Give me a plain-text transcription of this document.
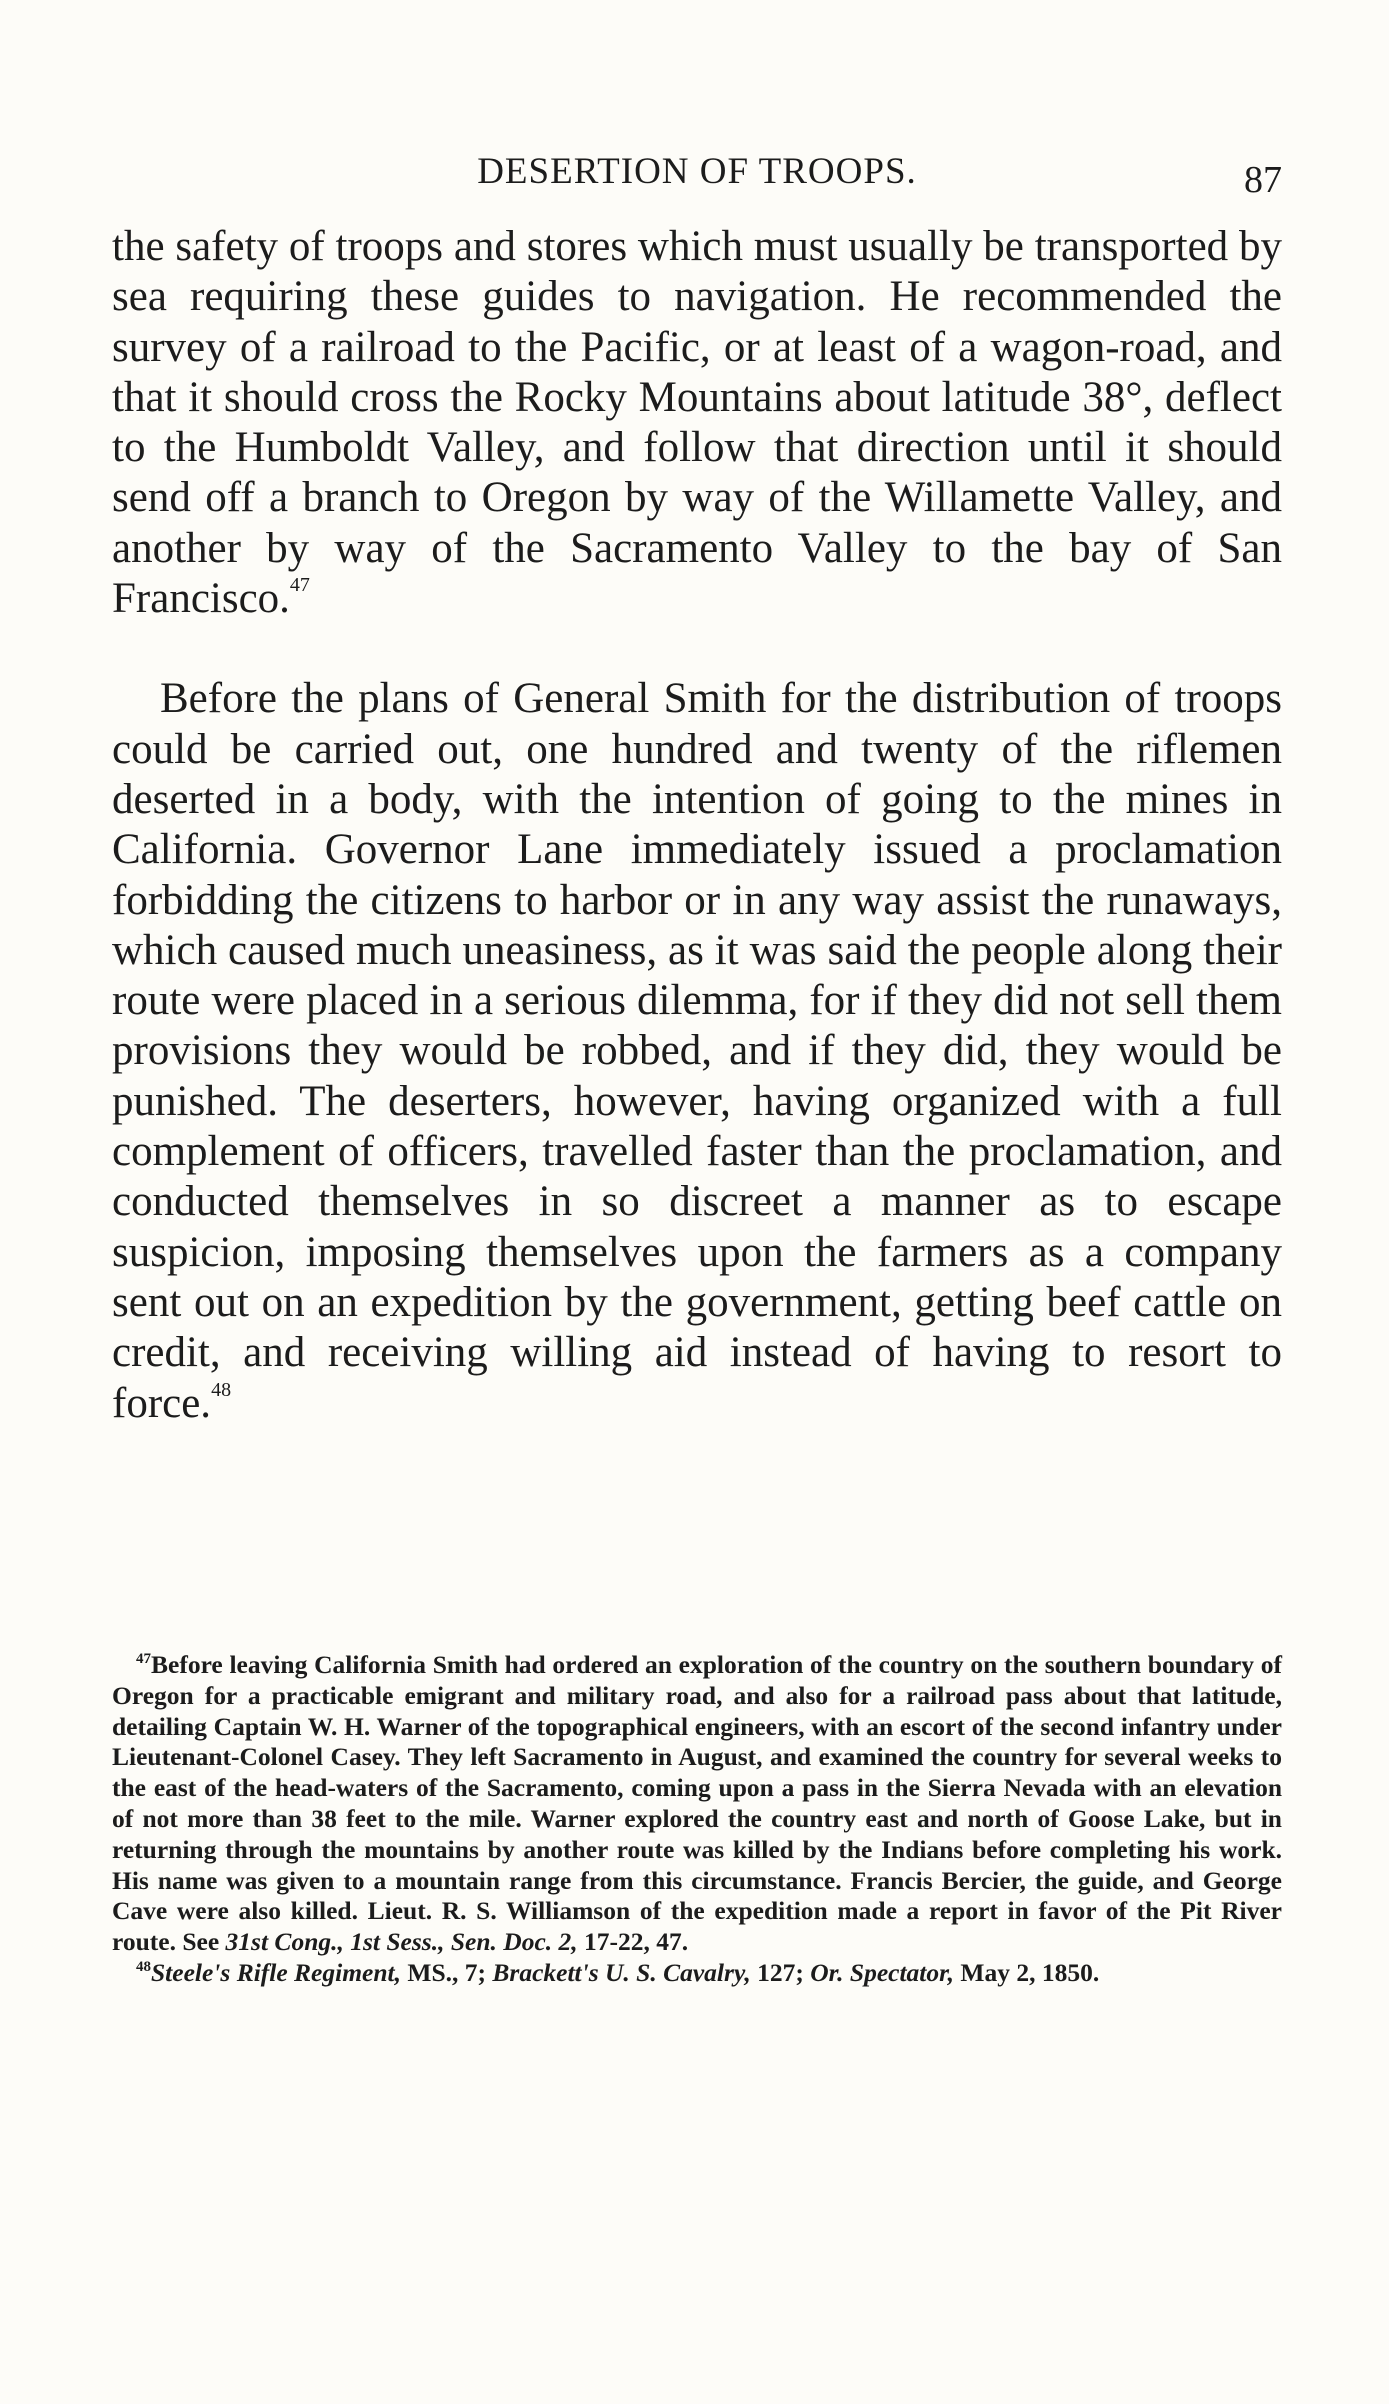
DESERTION OF TROOPS.	87

the safety of troops and stores which must usually be transported by sea requiring these guides to navigation. He recommended the survey of a railroad to the Pacific, or at least of a wagon-road, and that it should cross the Rocky Mountains about latitude 38°, deflect to the Humboldt Valley, and follow that direction until it should send off a branch to Oregon by way of the Willamette Valley, and another by way of the Sacramento Valley to the bay of San Francisco.$^{47}$

Before the plans of General Smith for the distribution of troops could be carried out, one hundred and twenty of the riflemen deserted in a body, with the intention of going to the mines in California. Governor Lane immediately issued a proclamation forbidding the citizens to harbor or in any way assist the runaways, which caused much uneasiness, as it was said the people along their route were placed in a serious dilemma, for if they did not sell them provisions they would be robbed, and if they did, they would be punished. The deserters, however, having organized with a full complement of officers, travelled faster than the proclamation, and conducted themselves in so discreet a manner as to escape suspicion, imposing themselves upon the farmers as a company sent out on an expedition by the government, getting beef cattle on credit, and receiving willing aid instead of having to resort to force.$^{48}$

$^{47}$Before leaving California Smith had ordered an exploration of the country on the southern boundary of Oregon for a practicable emigrant and military road, and also for a railroad pass about that latitude, detailing Captain W. H. Warner of the topographical engineers, with an escort of the second infantry under Lieutenant-Colonel Casey. They left Sacramento in August, and examined the country for several weeks to the east of the head-waters of the Sacramento, coming upon a pass in the Sierra Nevada with an elevation of not more than 38 feet to the mile. Warner explored the country east and north of Goose Lake, but in returning through the mountains by another route was killed by the Indians before completing his work. His name was given to a mountain range from this circumstance. Francis Bercier, the guide, and George Cave were also killed. Lieut. R. S. Williamson of the expedition made a report in favor of the Pit River route. See 31st Cong., 1st Sess., Sen. Doc. 2, 17-22, 47.

$^{48}$Steele's Rifle Regiment, MS., 7; Brackett's U. S. Cavalry, 127; Or. Spectator, May 2, 1850.
